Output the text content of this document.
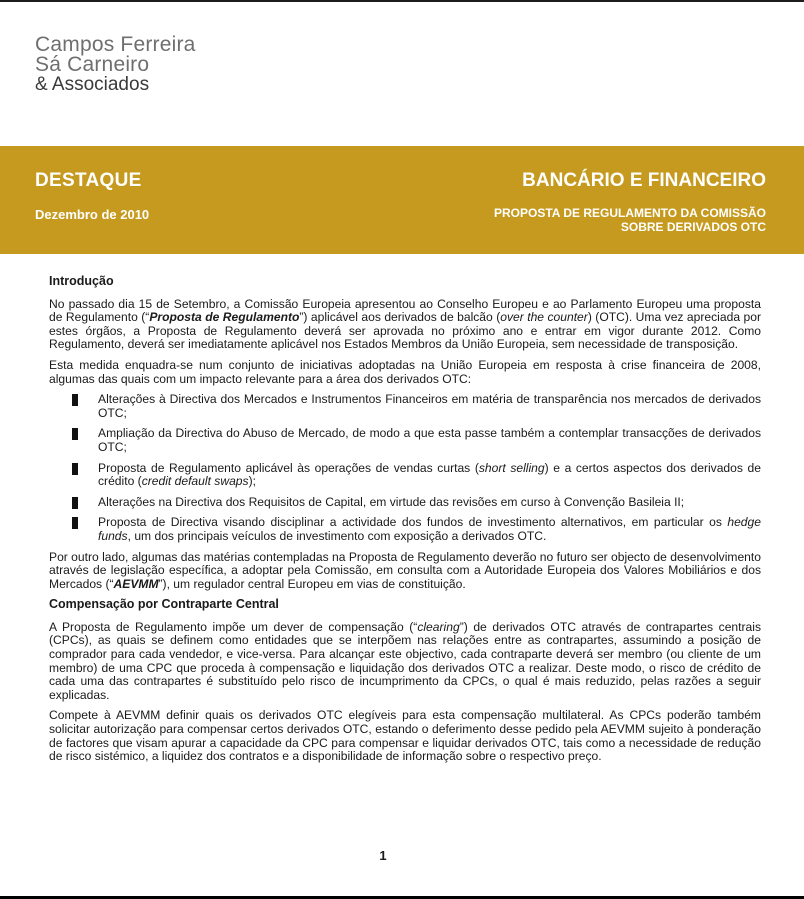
Campos Ferreira
Sá Carneiro
& Associados
DESTAQUE
Dezembro de 2010
BANCÁRIO E FINANCEIRO
PROPOSTA DE REGULAMENTO DA COMISSÃO
SOBRE DERIVADOS OTC
Introdução

No passado dia 15 de Setembro, a Comissão Europeia apresentou ao Conselho Europeu e ao Parlamento Europeu uma proposta de Regulamento (“Proposta de Regulamento”) aplicável aos derivados de balcão (over the counter) (OTC). Uma vez apreciada por estes órgãos, a Proposta de Regulamento deverá ser aprovada no próximo ano e entrar em vigor durante 2012. Como Regulamento, deverá ser imediatamente aplicável nos Estados Membros da União Europeia, sem necessidade de transposição.

Esta medida enquadra-se num conjunto de iniciativas adoptadas na União Europeia em resposta à crise financeira de 2008, algumas das quais com um impacto relevante para a área dos derivados OTC:

Alterações à Directiva dos Mercados e Instrumentos Financeiros em matéria de transparência nos mercados de derivados OTC;
Ampliação da Directiva do Abuso de Mercado, de modo a que esta passe também a contemplar transacções de derivados OTC;
Proposta de Regulamento aplicável às operações de vendas curtas (short selling) e a certos aspectos dos derivados de crédito (credit default swaps);
Alterações na Directiva dos Requisitos de Capital, em virtude das revisões em curso à Convenção Basileia II;
Proposta de Directiva visando disciplinar a actividade dos fundos de investimento alternativos, em particular os hedge funds, um dos principais veículos de investimento com exposição a derivados OTC.

Por outro lado, algumas das matérias contempladas na Proposta de Regulamento deverão no futuro ser objecto de desenvolvimento através de legislação específica, a adoptar pela Comissão, em consulta com a Autoridade Europeia dos Valores Mobiliários e dos Mercados (“AEVMM”), um regulador central Europeu em vias de constituição.

Compensação por Contraparte Central

A Proposta de Regulamento impõe um dever de compensação (“clearing”) de derivados OTC através de contrapartes centrais (CPCs), as quais se definem como entidades que se interpõem nas relações entre as contrapartes, assumindo a posição de comprador para cada vendedor, e vice-versa. Para alcançar este objectivo, cada contraparte deverá ser membro (ou cliente de um membro) de uma CPC que proceda à compensação e liquidação dos derivados OTC a realizar. Deste modo, o risco de crédito de cada uma das contrapartes é substituído pelo risco de incumprimento da CPCs, o qual é mais reduzido, pelas razões a seguir explicadas.

Compete à AEVMM definir quais os derivados OTC elegíveis para esta compensação multilateral. As CPCs poderão também solicitar autorização para compensar certos derivados OTC, estando o deferimento desse pedido pela AEVMM sujeito à ponderação de factores que visam apurar a capacidade da CPC para compensar e liquidar derivados OTC, tais como a necessidade de redução de risco sistémico, a liquidez dos contratos e a disponibilidade de informação sobre o respectivo preço.

1
